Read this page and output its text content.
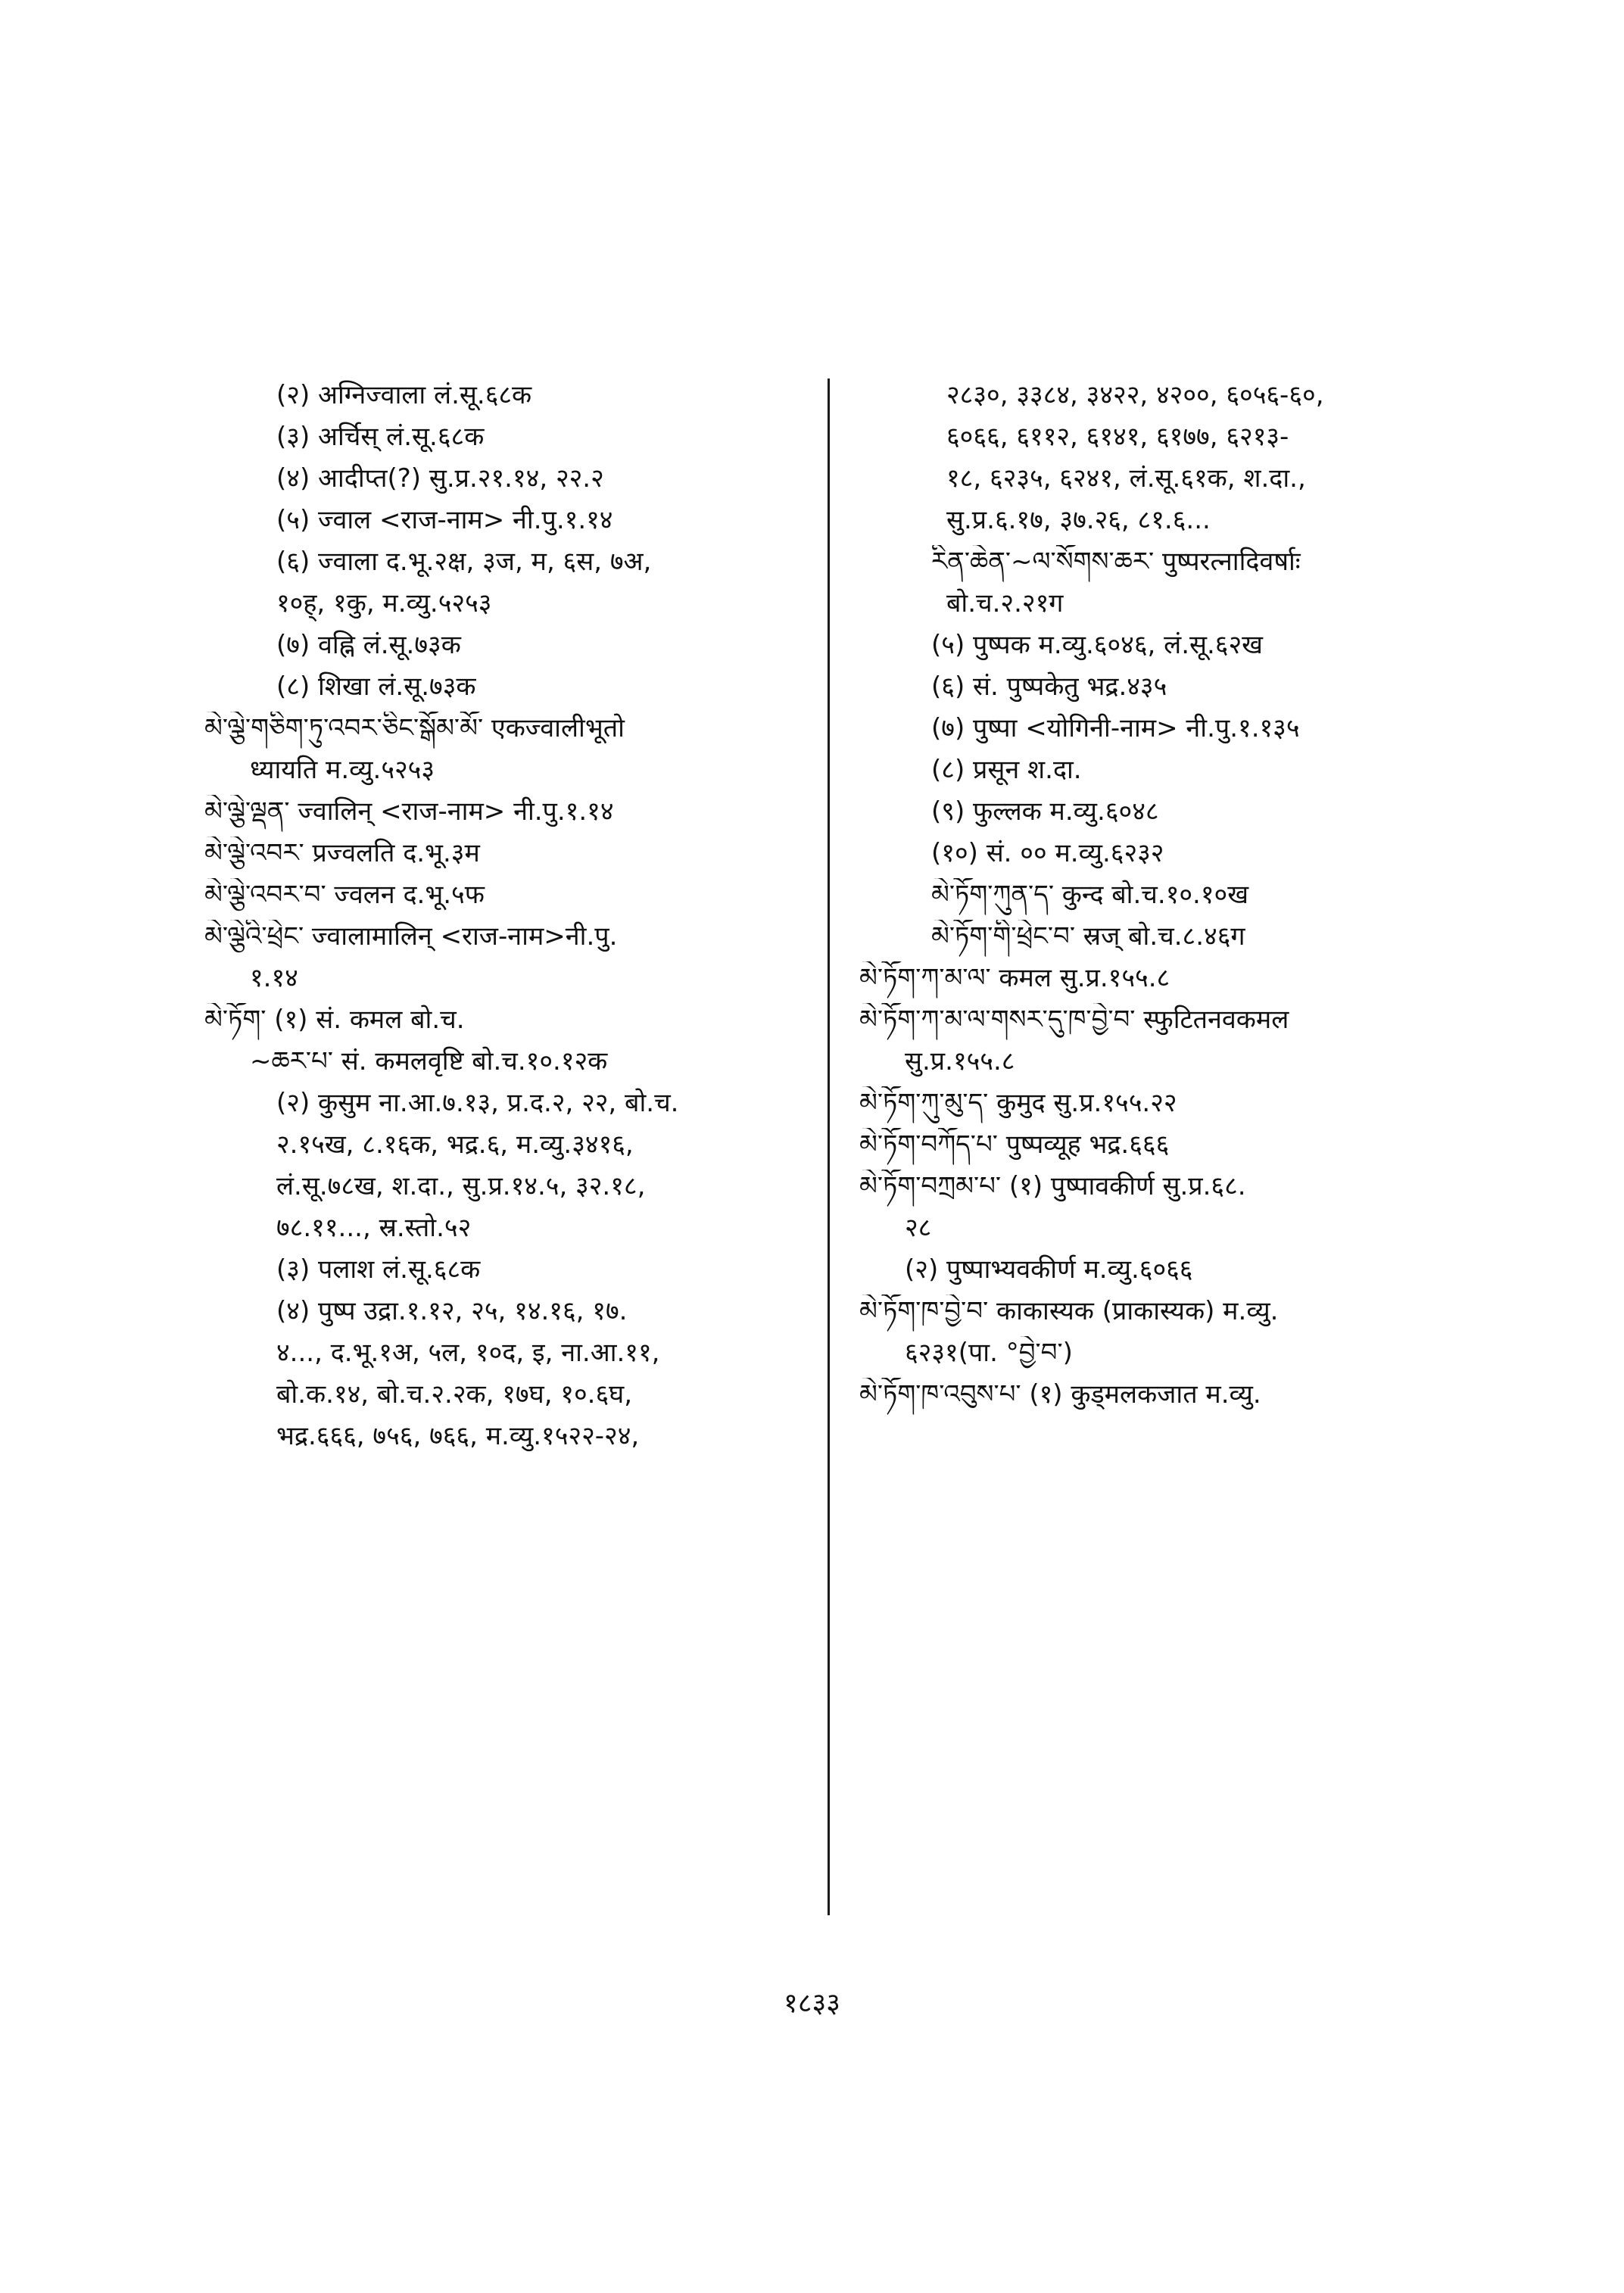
(२) अग्निज्वाला लं.सू.६८क
(३) अर्चिस् लं.सू.६८क
(४) आदीप्त(?) सु.प्र.२१.१४, २२.२
(५) ज्वाल <राज-नाम> नी.पु.१.१४
(६) ज्वाला द.भू.२क्ष, ३ज, म, ६स, ७अ,
१०ह्, १कु, म.व्यु.५२५३
(७) वह्नि लं.सू.७३क
(८) शिखा लं.सू.७३क
མེ་ལྕེ་གཅིག་ཏུ་འབར་ཅིང་སྒོམ་མོ་ एकज्वालीभूतो
ध्यायति म.व्यु.५२५३
མེ་ལྕེ་ལྡན་ ज्वालिन् <राज-नाम> नी.पु.१.१४
མེ་ལྕེ་འབར་ प्रज्वलति द.भू.३म
མེ་ལྕེ་འབར་བ་ ज्वलन द.भू.५फ
མེ་ལྕེའི་ཕྲེང་ ज्वालामालिन् <राज-नाम>नी.पु.
१.१४
མེ་ཏོག་ (१) सं. कमल बो.च.
~ཆར་པ་ सं. कमलवृष्टि बो.च.१०.१२क
(२) कुसुम ना.आ.७.१३, प्र.द.२, २२, बो.च.
२.१५ख, ८.१६क, भद्र.६, म.व्यु.३४१६,
लं.सू.७८ख, श.दा., सु.प्र.१४.५, ३२.१८,
७८.११..., स्र.स्तो.५२
(३) पलाश लं.सू.६८क
(४) पुष्प उद्रा.१.१२, २५, १४.१६, १७.
४..., द.भू.१अ, ५ल, १०द, इ, ना.आ.११,
बो.क.१४, बो.च.२.२क, १७घ, १०.६घ,
भद्र.६६६, ७५६, ७६६, म.व्यु.१५२२-२४,
२८३०, ३३८४, ३४२२, ४२००, ६०५६-६०,
६०६६, ६११२, ६१४१, ६१७७, ६२१३-
१८, ६२३५, ६२४१, लं.सू.६१क, श.दा.,
सु.प्र.६.१७, ३७.२६, ८१.६...
རིན་ཆེན་~ལ་སོགས་ཆར་ पुष्परत्नादिवर्षाः
बो.च.२.२१ग
(५) पुष्पक म.व्यु.६०४६, लं.सू.६२ख
(६) सं. पुष्पकेतु भद्र.४३५
(७) पुष्पा <योगिनी-नाम> नी.पु.१.१३५
(८) प्रसून श.दा.
(९) फुल्लक म.व्यु.६०४८
(१०) सं. ०० म.व्यु.६२३२
མེ་ཏོག་ཀུན་ད་ कुन्द बो.च.१०.१०ख
མེ་ཏོག་གི་ཕྲེང་བ་ स्रज् बो.च.८.४६ग
མེ་ཏོག་ཀ་མ་ལ་ कमल सु.प्र.१५५.८
མེ་ཏོག་ཀ་མ་ལ་གསར་དུ་ཁ་བྱེ་བ་ स्फुटितनवकमल
सु.प्र.१५५.८
མེ་ཏོག་ཀུ་མུ་ད་ कुमुद सु.प्र.१५५.२२
མེ་ཏོག་བཀོད་པ་ पुष्पव्यूह भद्र.६६६
མེ་ཏོག་བཀྲམ་པ་ (१) पुष्पावकीर्ण सु.प्र.६८.
२८
(२) पुष्पाभ्यवकीर्ण म.व्यु.६०६६
མེ་ཏོག་ཁ་བྱེ་བ་ काकास्यक (प्राकास्यक) म.व्यु.
६२३१(पा. °བྱེ་བ་)
མེ་ཏོག་ཁ་འབུས་པ་ (१) कुड्मलकजात म.व्यु.
१८३३
